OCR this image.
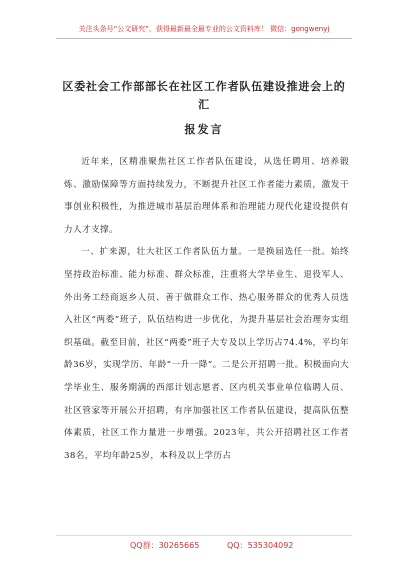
关注头条号“公文研究”，获得最新最全最专业的公文资料库！ 微信：gongwenyj
区委社会工作部部长在社区工作者队伍建设推进会上的汇
报发言

近年来，区精准聚焦社区工作者队伍建设，从选任聘用、培养锻炼、激励保障等方面持续发力，不断提升社区工作者能力素质，激发干事创业积极性，为推进城市基层治理体系和治理能力现代化建设提供有力人才支撑。

一、扩来源，壮大社区工作者队伍力量。一是换届选任一批。始终坚持政治标准、能力标准、群众标准，注重将大学毕业生、退役军人、外出务工经商返乡人员、善于做群众工作、热心服务群众的优秀人员选入社区“两委”班子，队伍结构进一步优化，为提升基层社会治理夯实组织基础。截至目前，社区“两委”班子大专及以上学历占74.4%，平均年龄36岁，实现学历、年龄“一升一降”。二是公开招聘一批。积极面向大学毕业生、服务期满的西部计划志愿者、区内机关事业单位临聘人员、社区管家等开展公开招聘，有序加强社区工作者队伍建设，提高队伍整体素质，社区工作力量进一步增强。2023年，共公开招聘社区工作者38名，平均年龄25岁，本科及以上学历占

QQ群：30265665	QQ：535304092
